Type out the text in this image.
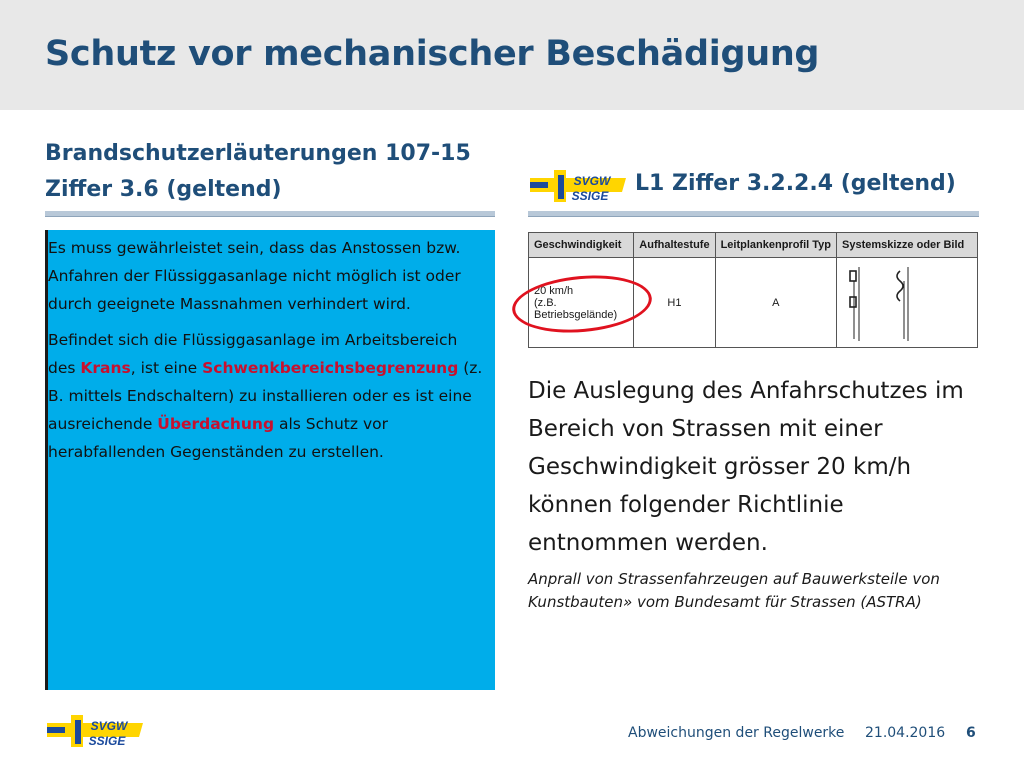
Schutz vor mechanischer Beschädigung
Brandschutzerläuterungen 107-15
Ziffer 3.6 (geltend)

Es muss gewährleistet sein, dass das Anstossen bzw. Anfahren der Flüssiggasanlage nicht möglich ist oder durch geeignete Massnahmen verhindert wird.

Befindet sich die Flüssiggasanlage im Arbeitsbereich des Krans, ist eine Schwenkbereichsbegrenzung (z. B. mittels Endschaltern) zu installieren oder es ist eine ausreichende Überdachung als Schutz vor herabfallenden Gegenständen zu erstellen.

SVGW
SSIGE L1 Ziffer 3.2.2.4 (geltend)
Geschwindigkeit	Aufhaltestufe	Leitplankenprofil Typ	Systemskizze oder Bild

20 km/h
(z.B. Betriebsgelände)	H1	A	
Die Auslegung des Anfahrschutzes im Bereich von Strassen mit einer Geschwindigkeit grösser 20 km/h können folgender Richtlinie entnommen werden.
Anprall von Strassenfahrzeugen auf Bauwerksteile von Kunstbauten» vom Bundesamt für Strassen (ASTRA)
SVGW
SSIGE	Abweichungen der Regelwerke 21.04.2016 6
